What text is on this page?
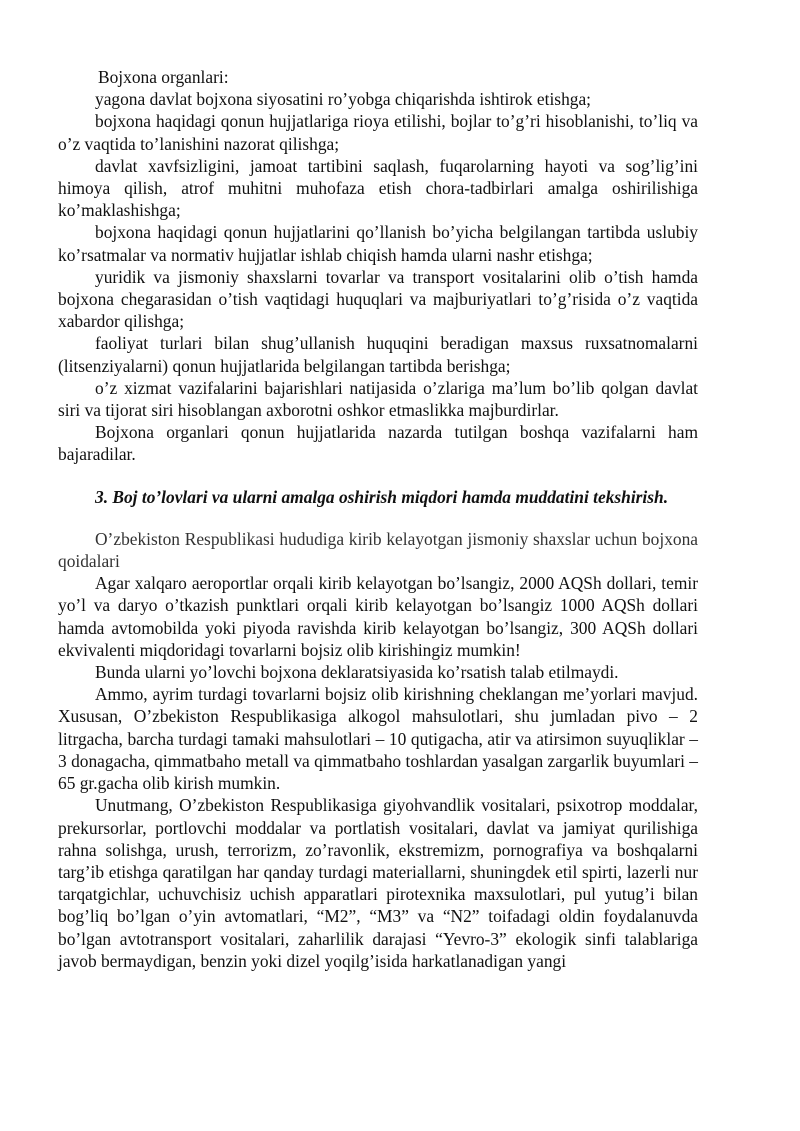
Bojxona organlari:

yagona davlat bojxona siyosatini ro’yobga chiqarishda ishtirok etishga;

bojxona haqidagi qonun hujjatlariga rioya etilishi, bojlar to’g’ri hisoblanishi, to’liq va o’z vaqtida to’lanishini nazorat qilishga;

davlat xavfsizligini, jamoat tartibini saqlash, fuqarolarning hayoti va sog’lig’ini himoya qilish, atrof muhitni muhofaza etish chora-tadbirlari amalga oshirilishiga ko’maklashishga;

bojxona haqidagi qonun hujjatlarini qo’llanish bo’yicha belgilangan tartibda uslubiy ko’rsatmalar va normativ hujjatlar ishlab chiqish hamda ularni nashr etishga;

yuridik va jismoniy shaxslarni tovarlar va transport vositalarini olib o’tish hamda bojxona chegarasidan o’tish vaqtidagi huquqlari va majburiyatlari to’g’risida o’z vaqtida xabardor qilishga;

faoliyat turlari bilan shug’ullanish huquqini beradigan maxsus ruxsatnomalarni (litsenziyalarni) qonun hujjatlarida belgilangan tartibda berishga;

o’z xizmat vazifalarini bajarishlari natijasida o’zlariga ma’lum bo’lib qolgan davlat siri va tijorat siri hisoblangan axborotni oshkor etmaslikka majburdirlar.

Bojxona organlari qonun hujjatlarida nazarda tutilgan boshqa vazifalarni ham bajaradilar.

3. Boj to’lovlari va ularni amalga oshirish miqdori hamda muddatini tekshirish.

O’zbekiston Respublikasi hududiga kirib kelayotgan jismoniy shaxslar uchun bojxona qoidalari

Agar xalqaro aeroportlar orqali kirib kelayotgan bo’lsangiz, 2000 AQSh dollari, temir yo’l va daryo o’tkazish punktlari orqali kirib kelayotgan bo’lsangiz 1000 AQSh dollari hamda avtomobilda yoki piyoda ravishda kirib kelayotgan bo’lsangiz, 300 AQSh dollari ekvivalenti miqdoridagi tovarlarni bojsiz olib kirishingiz mumkin!

Bunda ularni yo’lovchi bojxona deklaratsiyasida ko’rsatish talab etilmaydi.

Ammo, ayrim turdagi tovarlarni bojsiz olib kirishning cheklangan me’yorlari mavjud. Xususan, O’zbekiston Respublikasiga alkogol mahsulotlari, shu jumladan pivo – 2 litrgacha, barcha turdagi tamaki mahsulotlari – 10 qutigacha, atir va atirsimon suyuqliklar – 3 donagacha, qimmatbaho metall va qimmatbaho toshlardan yasalgan zargarlik buyumlari – 65 gr.gacha olib kirish mumkin.

Unutmang, O’zbekiston Respublikasiga giyohvandlik vositalari, psixotrop moddalar, prekursorlar, portlovchi moddalar va portlatish vositalari, davlat va jamiyat qurilishiga rahna solishga, urush, terrorizm, zo’ravonlik, ekstremizm, pornografiya va boshqalarni targ’ib etishga qaratilgan har qanday turdagi materiallarni, shuningdek etil spirti, lazerli nur tarqatgichlar, uchuvchisiz uchish apparatlari pirotexnika maxsulotlari, pul yutug’i bilan bog’liq bo’lgan o’yin avtomatlari, “M2”, “M3” va “N2” toifadagi oldin foydalanuvda bo’lgan avtotransport vositalari, zaharlilik darajasi “Yevro-3” ekologik sinfi talablariga javob bermaydigan, benzin yoki dizel yoqilg’isida harkatlanadigan yangi
